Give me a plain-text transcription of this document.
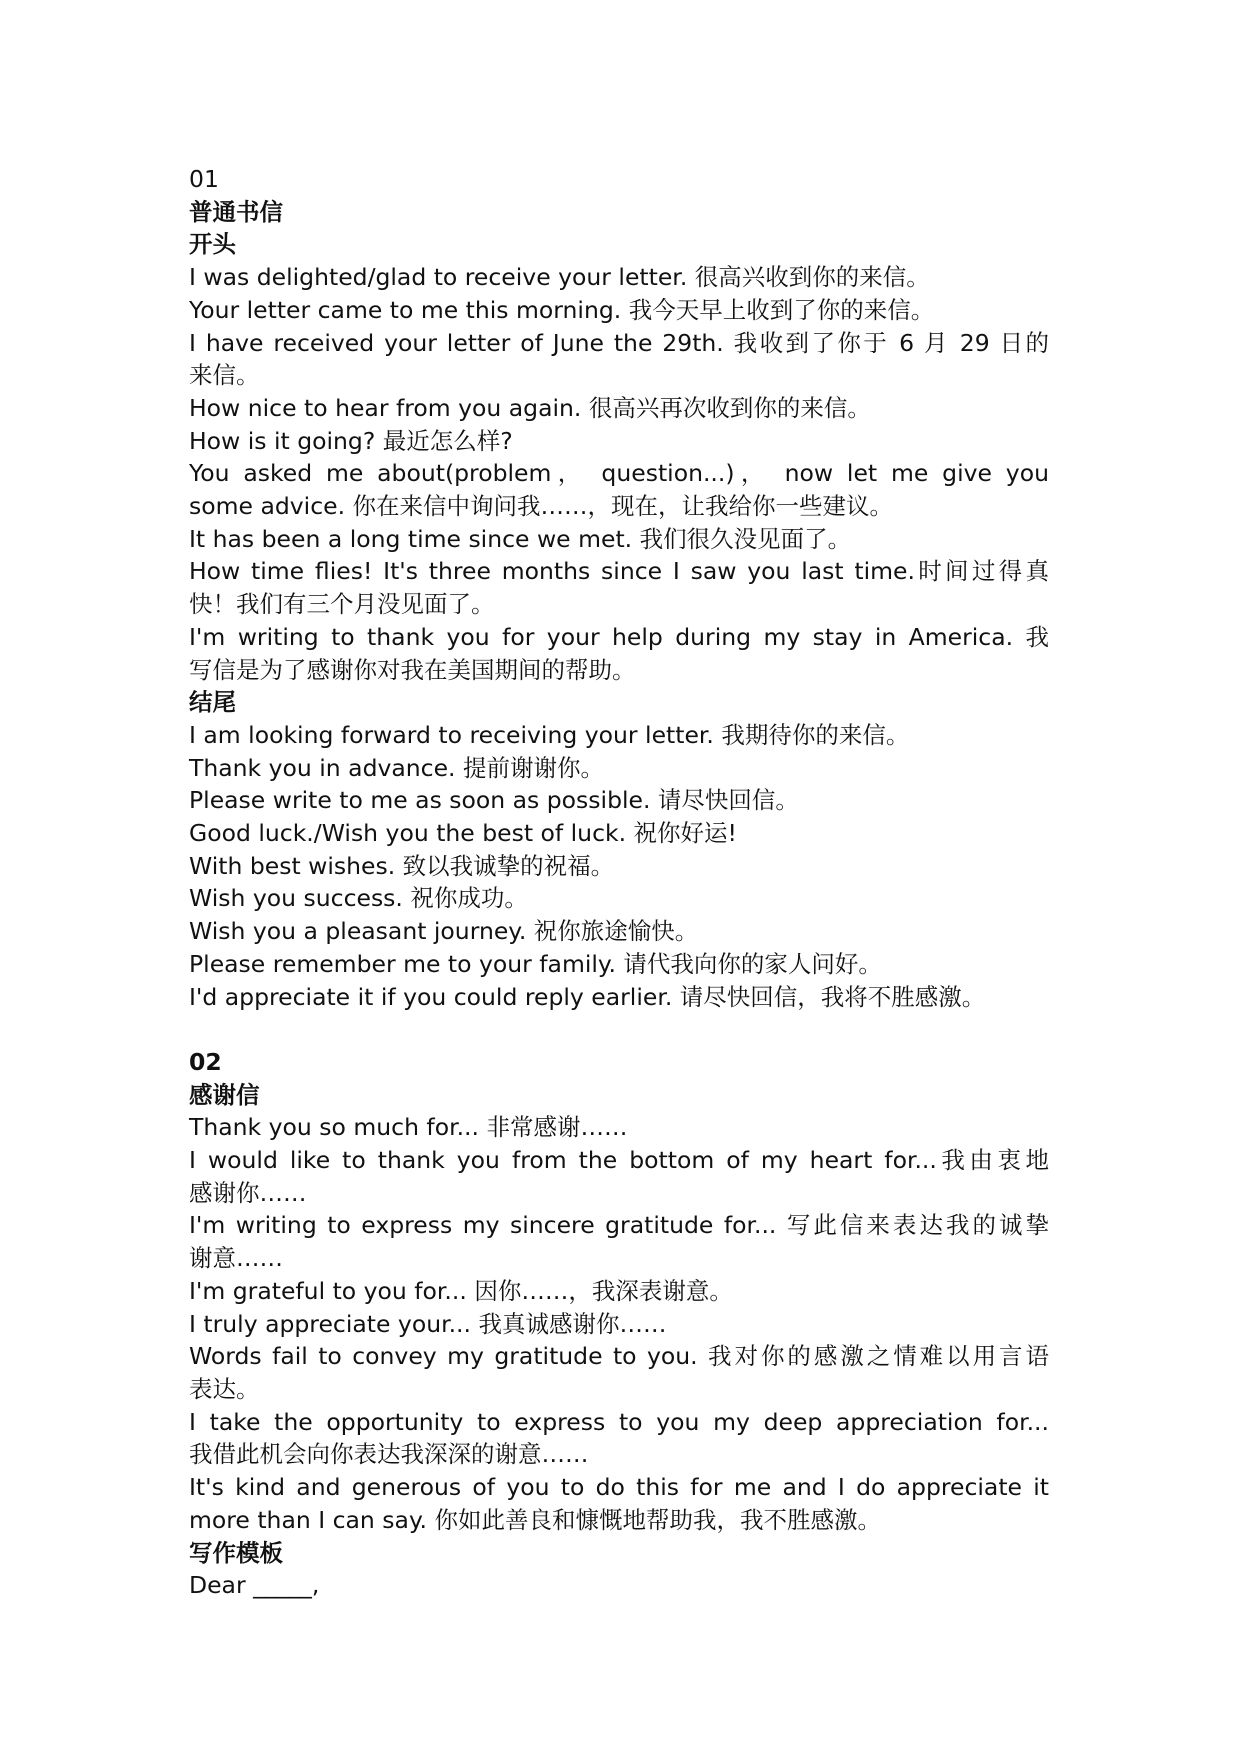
01
普通书信
开头
I was delighted/glad to receive your letter. 很高兴收到你的来信。
Your letter came to me this morning. 我今天早上收到了你的来信。
I have received your letter of June the 29th. 我收到了你于 6 月 29 日的
来信。
How nice to hear from you again. 很高兴再次收到你的来信。
How is it going? 最近怎么样?
You asked me about(problem， question...)， now let me give you
some advice. 你在来信中询问我……，现在，让我给你一些建议。
It has been a long time since we met. 我们很久没见面了。
How time flies! It's three months since I saw you last time.时间过得真
快！我们有三个月没见面了。
I'm writing to thank you for your help during my stay in America. 我
写信是为了感谢你对我在美国期间的帮助。
结尾
I am looking forward to receiving your letter. 我期待你的来信。
Thank you in advance. 提前谢谢你。
Please write to me as soon as possible. 请尽快回信。
Good luck./Wish you the best of luck. 祝你好运!
With best wishes. 致以我诚挚的祝福。
Wish you success. 祝你成功。
Wish you a pleasant journey. 祝你旅途愉快。
Please remember me to your family. 请代我向你的家人问好。
I'd appreciate it if you could reply earlier. 请尽快回信，我将不胜感激。
02
感谢信
Thank you so much for... 非常感谢……
I would like to thank you from the bottom of my heart for...我由衷地
感谢你……
I'm writing to express my sincere gratitude for... 写此信来表达我的诚挚
谢意……
I'm grateful to you for... 因你……，我深表谢意。
I truly appreciate your... 我真诚感谢你……
Words fail to convey my gratitude to you. 我对你的感激之情难以用言语
表达。
I take the opportunity to express to you my deep appreciation for...
我借此机会向你表达我深深的谢意……
It's kind and generous of you to do this for me and I do appreciate it
more than I can say. 你如此善良和慷慨地帮助我，我不胜感激。
写作模板
Dear _____,
